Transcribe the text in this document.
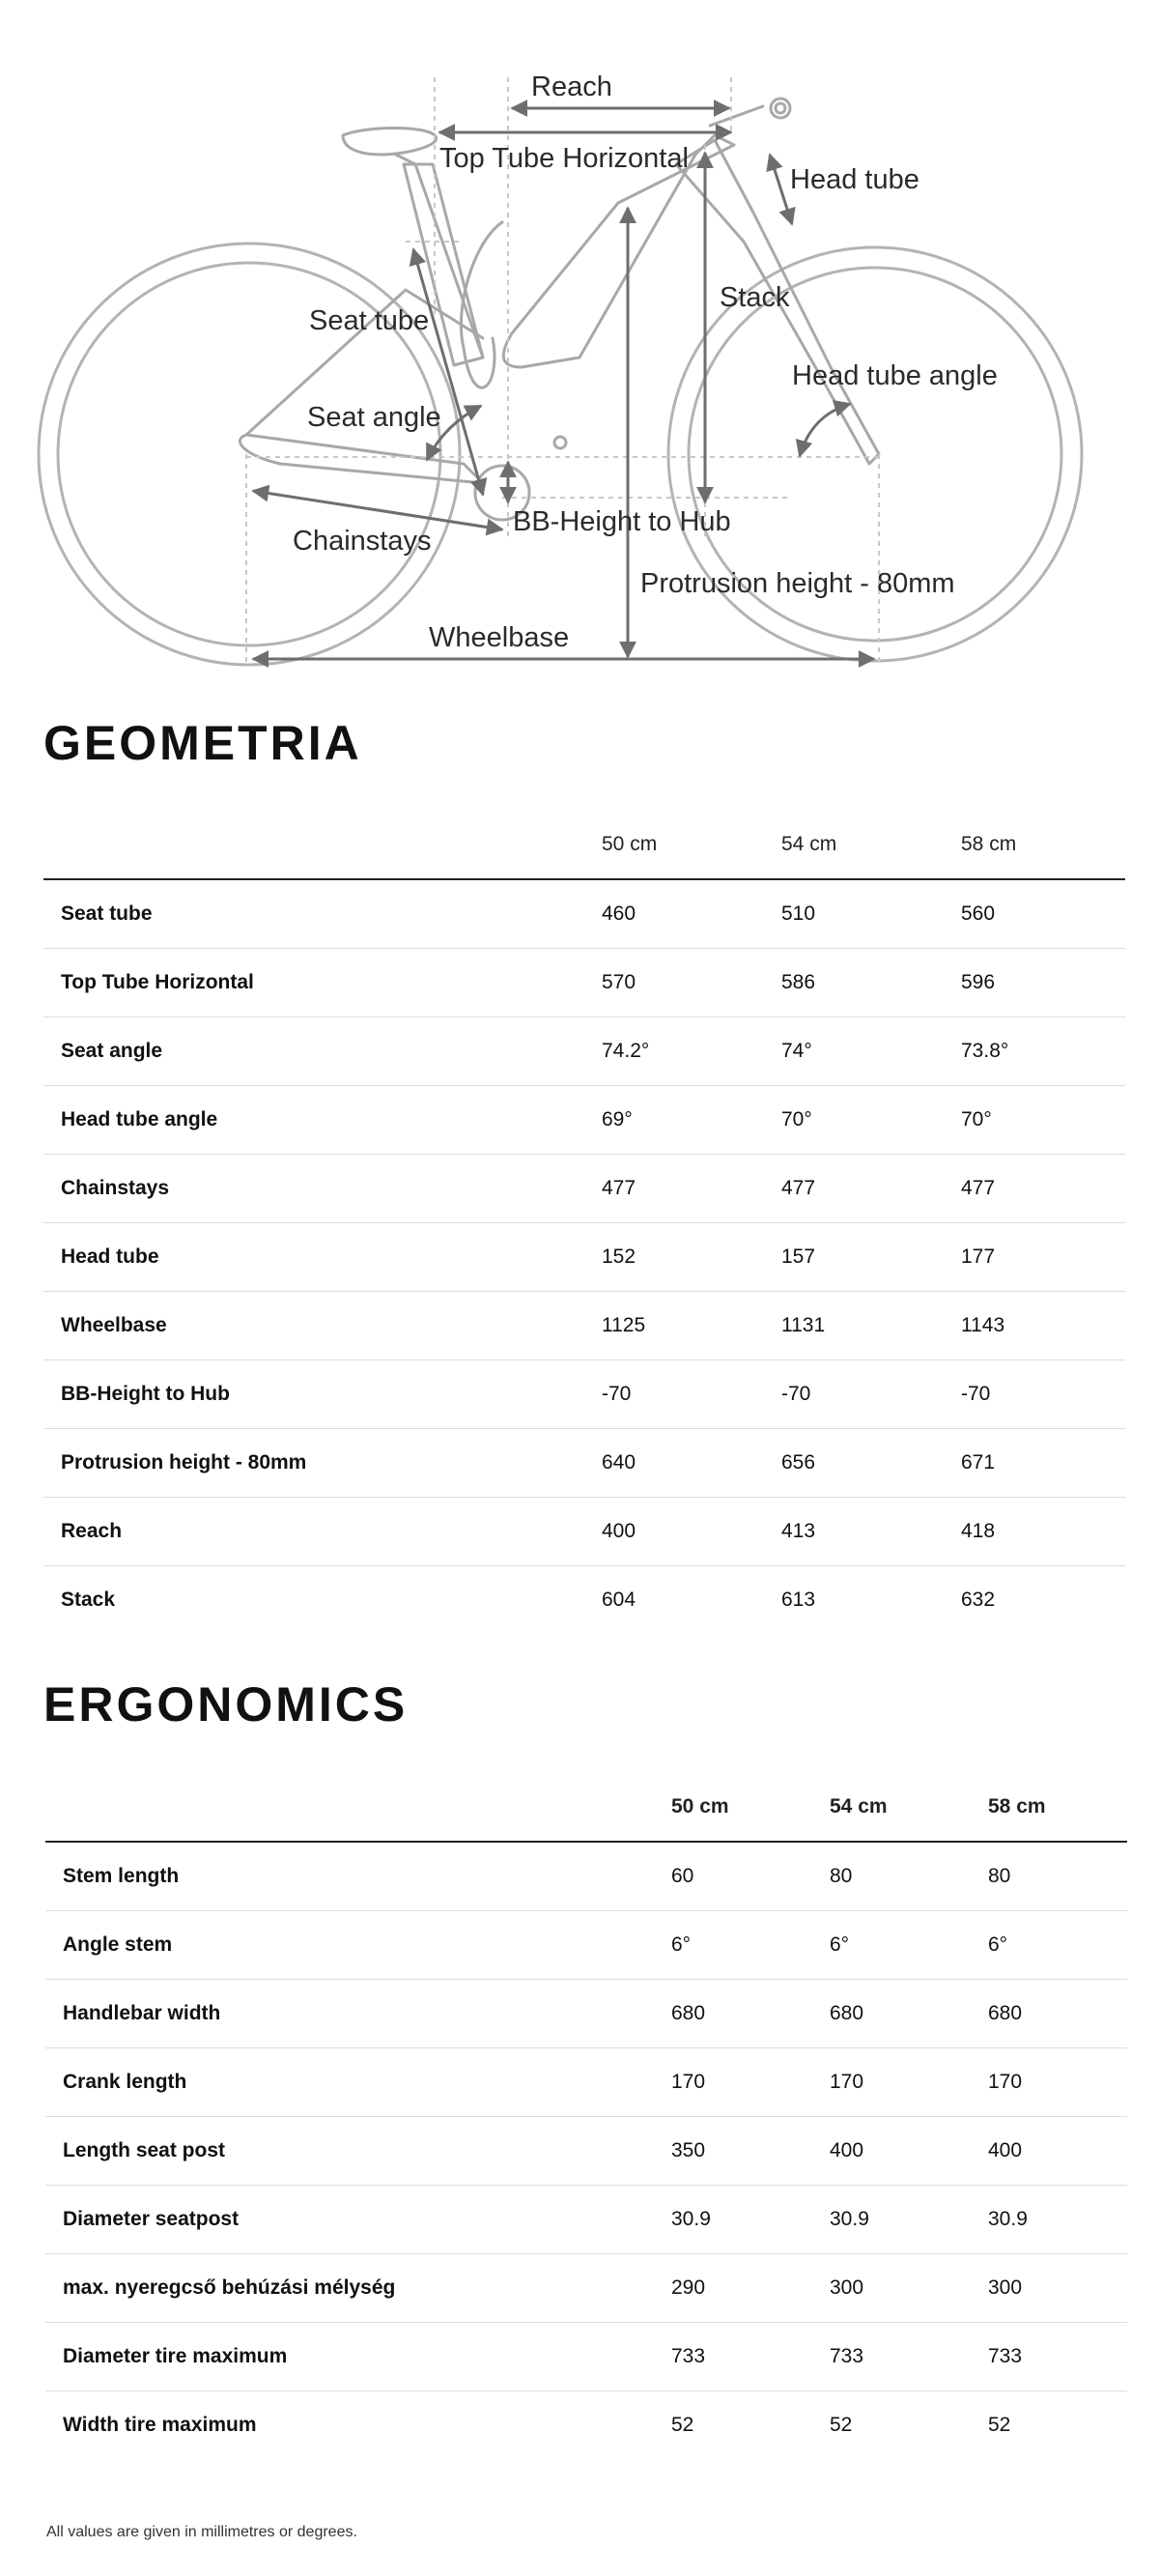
Reach
Top Tube Horizontal
Head tube
Stack
Seat tube
Head tube angle
Seat angle
Chainstays
BB-Height to Hub
Protrusion height - 80mm
Wheelbase
GEOMETRIA
	50 cm	54 cm	58 cm
Seat tube	460	510	560
Top Tube Horizontal	570	586	596
Seat angle	74.2°	74°	73.8°
Head tube angle	69°	70°	70°
Chainstays	477	477	477
Head tube	152	157	177
Wheelbase	1125	1131	1143
BB-Height to Hub	-70	-70	-70
Protrusion height - 80mm	640	656	671
Reach	400	413	418
Stack	604	613	632
ERGONOMICS
	50 cm	54 cm	58 cm
Stem length	60	80	80
Angle stem	6°	6°	6°
Handlebar width	680	680	680
Crank length	170	170	170
Length seat post	350	400	400
Diameter seatpost	30.9	30.9	30.9
max. nyeregcső behúzási mélység	290	300	300
Diameter tire maximum	733	733	733
Width tire maximum	52	52	52
All values are given in millimetres or degrees.
